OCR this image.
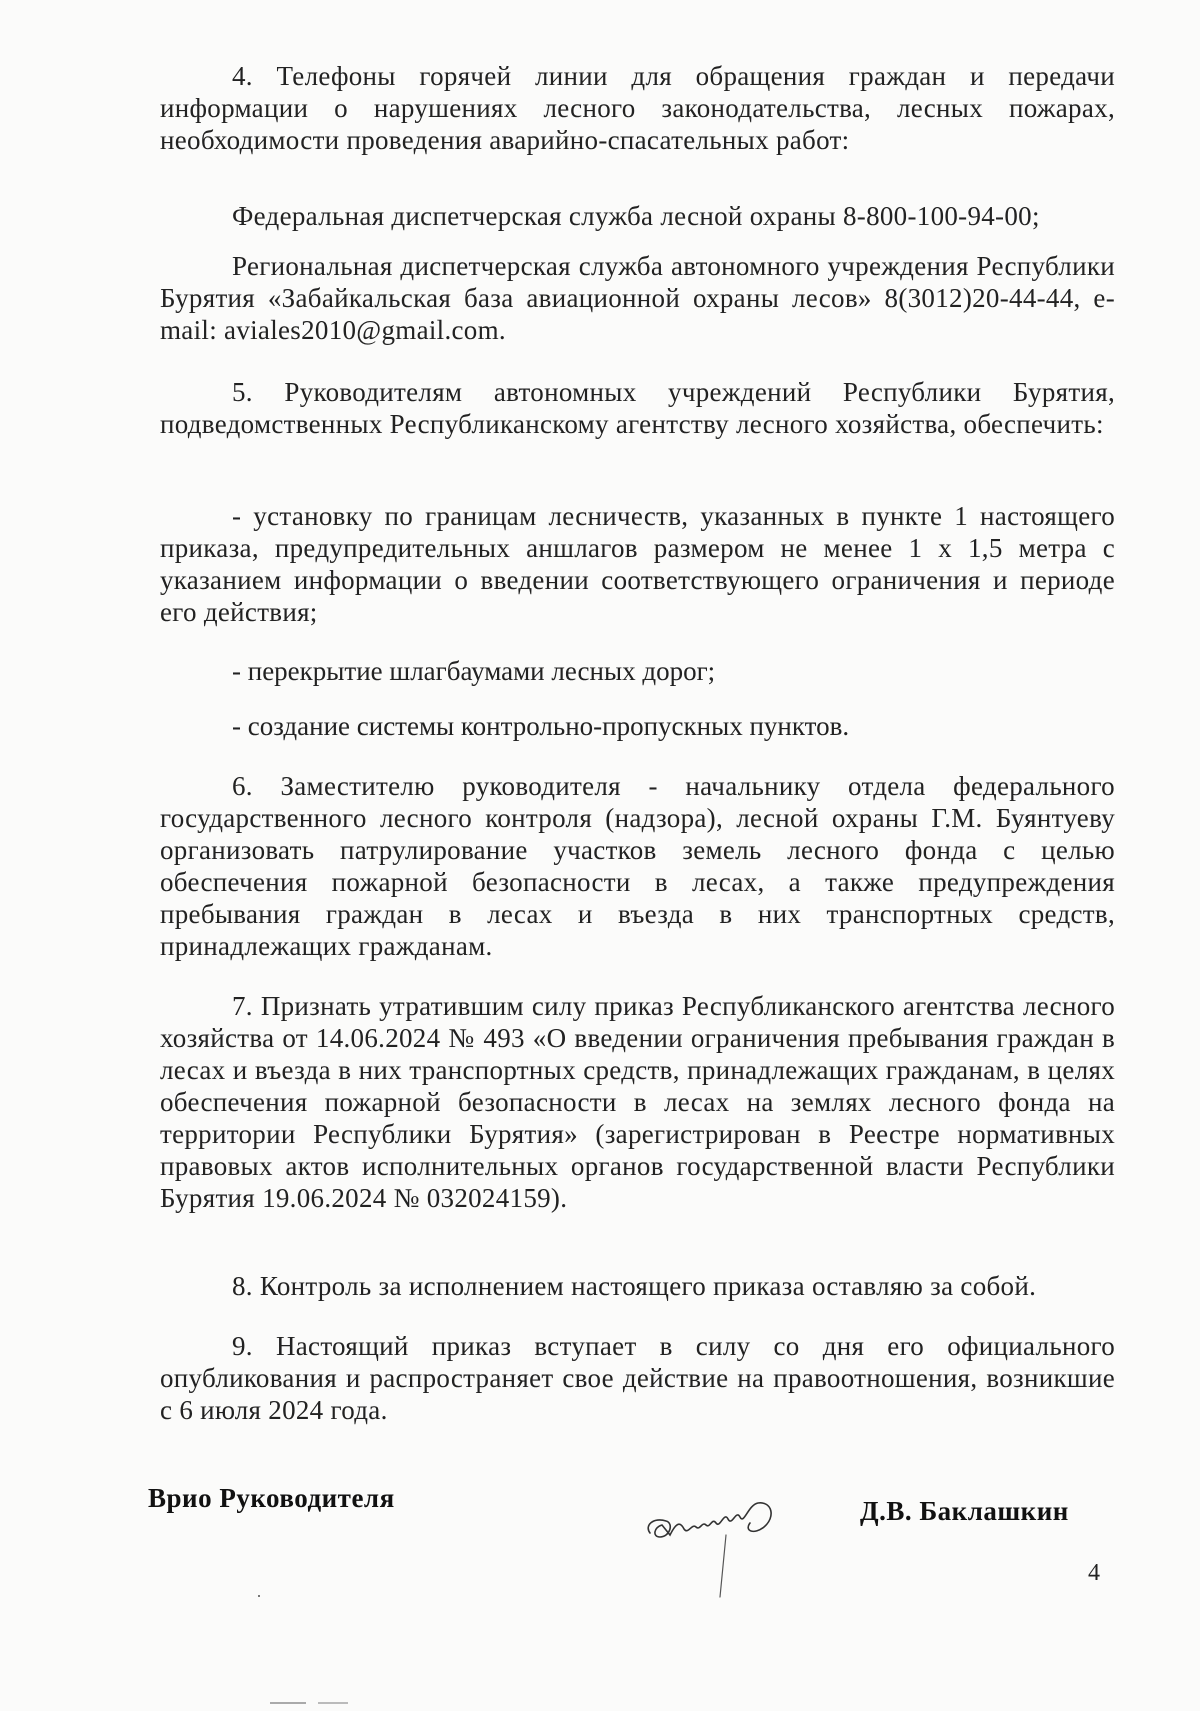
4. Телефоны горячей линии для обращения граждан и передачи информации о нарушениях лесного законодательства, лесных пожарах, необходимости проведения аварийно-спасательных работ:
Федеральная диспетчерская служба лесной охраны 8-800-100-94-00;
Региональная диспетчерская служба автономного учреждения Республики Бурятия «Забайкальская база авиационной охраны лесов» 8(3012)20-44-44, e-mail: aviales2010@gmail.com.
5. Руководителям автономных учреждений Республики Бурятия, подведомственных Республиканскому агентству лесного хозяйства, обеспечить:
- установку по границам лесничеств, указанных в пункте 1 настоящего приказа, предупредительных аншлагов размером не менее 1 х 1,5 метра с указанием информации о введении соответствующего ограничения и периоде его действия;
- перекрытие шлагбаумами лесных дорог;
- создание системы контрольно-пропускных пунктов.
6. Заместителю руководителя - начальнику отдела федерального государственного лесного контроля (надзора), лесной охраны Г.М. Буянтуеву организовать патрулирование участков земель лесного фонда с целью обеспечения пожарной безопасности в лесах, а также предупреждения пребывания граждан в лесах и въезда в них транспортных средств, принадлежащих гражданам.
7. Признать утратившим силу приказ Республиканского агентства лесного хозяйства от 14.06.2024 № 493 «О введении ограничения пребывания граждан в лесах и въезда в них транспортных средств, принадлежащих гражданам, в целях обеспечения пожарной безопасности в лесах на землях лесного фонда на территории Республики Бурятия» (зарегистрирован в Реестре нормативных правовых актов исполнительных органов государственной власти Республики Бурятия 19.06.2024 № 032024159).
8. Контроль за исполнением настоящего приказа оставляю за собой.
9. Настоящий приказ вступает в силу со дня его официального опубликования и распространяет свое действие на правоотношения, возникшие с 6 июля 2024 года.
Врио Руководителя	Д.В. Баклашкин
4
